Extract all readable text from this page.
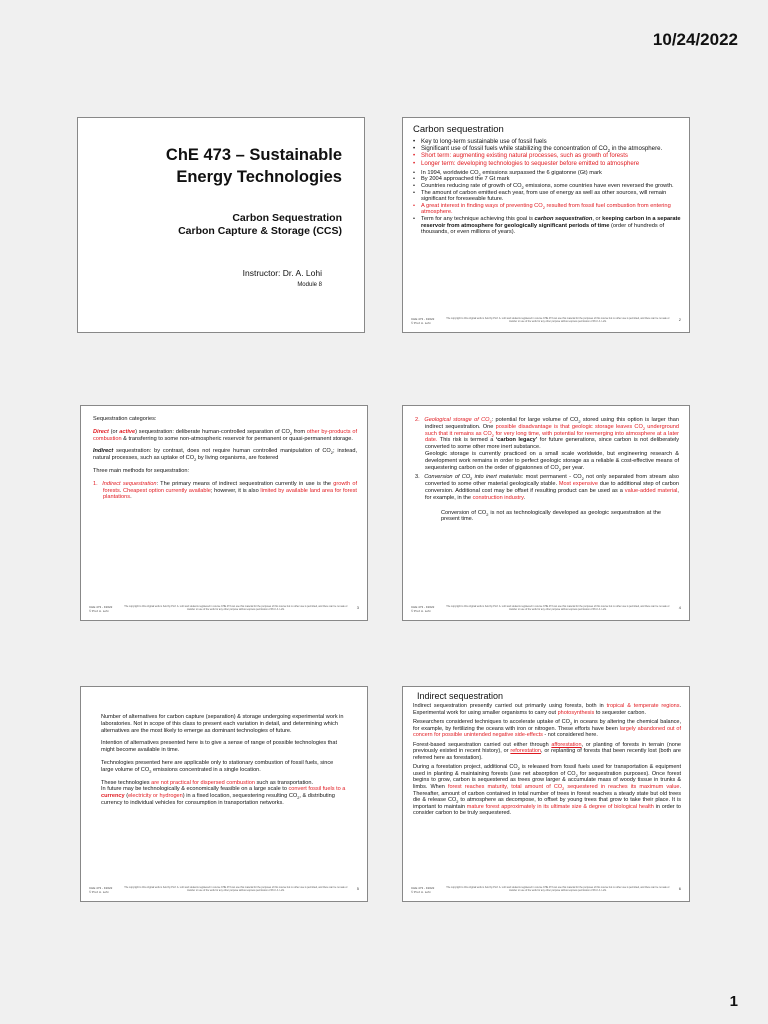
10/24/2022
ChE 473 – Sustainable
Energy Technologies
Carbon Sequestration
Carbon Capture & Storage (CCS)
Instructor: Dr. A. Lohi
Module 8
Carbon sequestration
• Key to long-term sustainable use of fossil fuels
• Significant use of fossil fuels while stabilizing the concentration of $CO_2$ in the atmosphere.
• Short term: augmenting existing natural processes, such as growth of forests
• Longer term: developing technologies to sequester before emitted to atmosphere
• In 1994, worldwide $CO_2$ emissions surpassed the 6 gigatonne (Gt) mark
• By 2004 approached the 7 Gt mark
• Countries reducing rate of growth of $CO_2$ emissions, some countries have even reversed the growth.
• The amount of carbon emitted each year, from use of energy as well as other sources, will remain significant for foreseeable future.
• A great interest in finding ways of preventing $CO_2$ resulted from fossil fuel combustion from entering atmosphere.
• Term for any technique achieving this goal is carbon sequestration, or keeping carbon in a separate reservoir from atmosphere for geologically significant periods of time (order of hundreds of thousands, or even millions of years).
CHE 473 - F2022
© Prof. A. Lohi
The copyright to this original work is held by Prof. A. Lohi and students registered in course CHE 473 can use this material for the purposes of this course but no other use is permitted, and there can be no sale or transfer or use of the work for any other purpose without express permission of Prof. A. Lohi.	2

Sequestration categories:

Direct (or active) sequestration: deliberate human-controlled separation of $CO_2$ from other by-products of combustion & transferring to some non-atmospheric reservoir for permanent or quasi-permanent storage.

Indirect sequestration: by contrast, does not require human controlled manipulation of $CO_2$; instead, natural processes, such as uptake of $CO_2$ by living organisms, are fostered

Three main methods for sequestration:

1. Indirect sequestration: The primary means of indirect sequestration currently in use is the growth of forests. Cheapest option currently available; however, it is also limited by available land area for forest plantations.

CHE 473 - F2022
© Prof. A. Lohi
The copyright to this original work is held by Prof. A. Lohi and students registered in course CHE 473 can use this material for the purposes of this course but no other use is permitted, and there can be no sale or transfer or use of the work for any other purpose without express permission of Prof. A. Lohi.	3

2. Geological storage of $CO_2$: potential for large volume of $CO_2$ stored using this option is larger than indirect sequestration. One possible disadvantage is that geologic storage leaves $CO_2$ underground such that it remains as $CO_2$ for very long time, with potential for reemerging into atmosphere at a later date. This risk is termed a ‘carbon legacy’ for future generations, since carbon is not deliberately converted to some other more inert substance.

Geologic storage is currently practiced on a small scale worldwide, but engineering research & development work remains in order to perfect geologic storage as a reliable & cost-effective means of sequestering carbon on the order of gigatonnes of $CO_2$ per year.

3. Conversion of $CO_2$ into inert materials: most permanent - $CO_2$ not only separated from stream also converted to some other material geologically stable. Most expensive due to additional step of carbon conversion. Additional cost may be offset if resulting product can be used as a value-added material, for example, in the construction industry.

Conversion of $CO_2$ is not as technologically developed as geologic sequestration at the present time.

CHE 473 - F2022
© Prof. A. Lohi
The copyright to this original work is held by Prof. A. Lohi and students registered in course CHE 473 can use this material for the purposes of this course but no other use is permitted, and there can be no sale or transfer or use of the work for any other purpose without express permission of Prof. A. Lohi.	4

Number of alternatives for carbon capture (separation) & storage undergoing experimental work in laboratories. Not in scope of this class to present each variation in detail, and determining which alternatives are the most likely to emerge as dominant technologies of future.

Intention of alternatives presented here is to give a sense of range of possible technologies that might become available in time.

Technologies presented here are applicable only to stationary combustion of fossil fuels, since large volume of $CO_2$ emissions concentrated in a single location.

These technologies are not practical for dispersed combustion such as transportation.

In future may be technologically & economically feasible on a large scale to convert fossil fuels to a currency (electricity or hydrogen) in a fixed location, sequestering resulting $CO_2$, & distributing currency to individual vehicles for consumption in transportation networks.

CHE 473 - F2022
© Prof. A. Lohi
The copyright to this original work is held by Prof. A. Lohi and students registered in course CHE 473 can use this material for the purposes of this course but no other use is permitted, and there can be no sale or transfer or use of the work for any other purpose without express permission of Prof. A. Lohi.	5
Indirect sequestration

Indirect sequestration presently carried out primarily using forests, both in tropical & temperate regions. Experimental work for using smaller organisms to carry out photosynthesis to sequester carbon.

Researchers considered techniques to accelerate uptake of $CO_2$ in oceans by altering the chemical balance, for example, by fertilizing the oceans with iron or nitrogen. These efforts have been largely abandoned out of concern for possible unintended negative side-effects - not considered here.

Forest-based sequestration carried out either through afforestation, or planting of forests in terrain (none previously existed in recent history), or reforestation, or replanting of forests that been recently lost (both are referred here as forestation).

During a forestation project, additional $CO_2$ is released from fossil fuels used for transportation & equipment used in planting & maintaining forests (use net absorption of $CO_2$ for sequestration purposes). Once forest begins to grow, carbon is sequestered as trees grow larger & accumulate mass of woody tissue in trunks & limbs. When forest reaches maturity, total amount of $CO_2$ sequestered in reaches its maximum value. Thereafter, amount of carbon contained in total number of trees in forest reaches a steady state but old trees die & release $CO_2$ to atmosphere as decompose, to offset by young trees that grow to take their place. It is important to maintain mature forest approximately in its ultimate size & degree of biological health in order to consider carbon to be truly sequestered.

CHE 473 - F2022
© Prof. A. Lohi
The copyright to this original work is held by Prof. A. Lohi and students registered in course CHE 473 can use this material for the purposes of this course but no other use is permitted, and there can be no sale or transfer or use of the work for any other purpose without express permission of Prof. A. Lohi.	6
1
